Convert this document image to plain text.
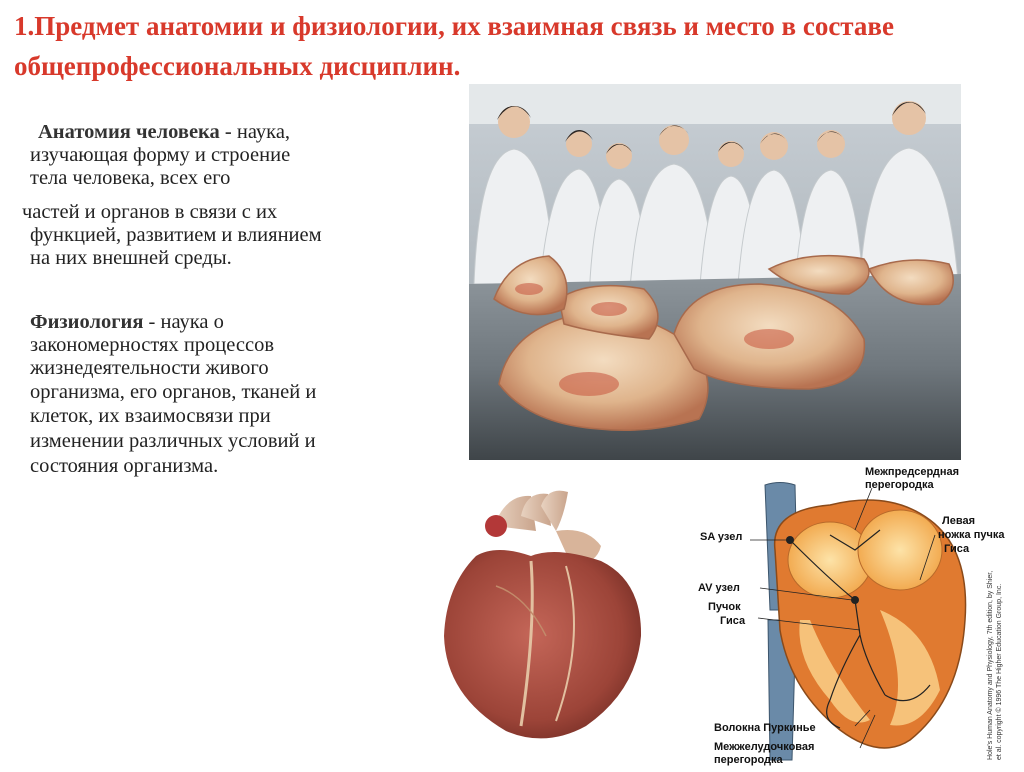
1.Предмет анатомии и физиологии, их взаимная связь и место в составе общепрофессиональных дисциплин.

Анатомия человека - наука,

изучающая форму и строение

тела человека, всех его

частей и органов в связи с их

функцией, развитием и влиянием

на них внешней среды.

Физиология - наука о

закономерностях процессов

жизнедеятельности живого

организма, его органов, тканей и

клеток, их взаимосвязи при

изменении различных условий и

состояния организма.	Межпредсердная
перегородка
Левая
ножка пучка
Гиса
SA узел
AV узел
Пучок
Гиса
Волокна Пуркинье
Межжелудочковая
перегородка	Hole's Human Anatomy and Physiology, 7th edition, by Shier, et al. copyright © 1996 The Higher Education Group, Inc.
